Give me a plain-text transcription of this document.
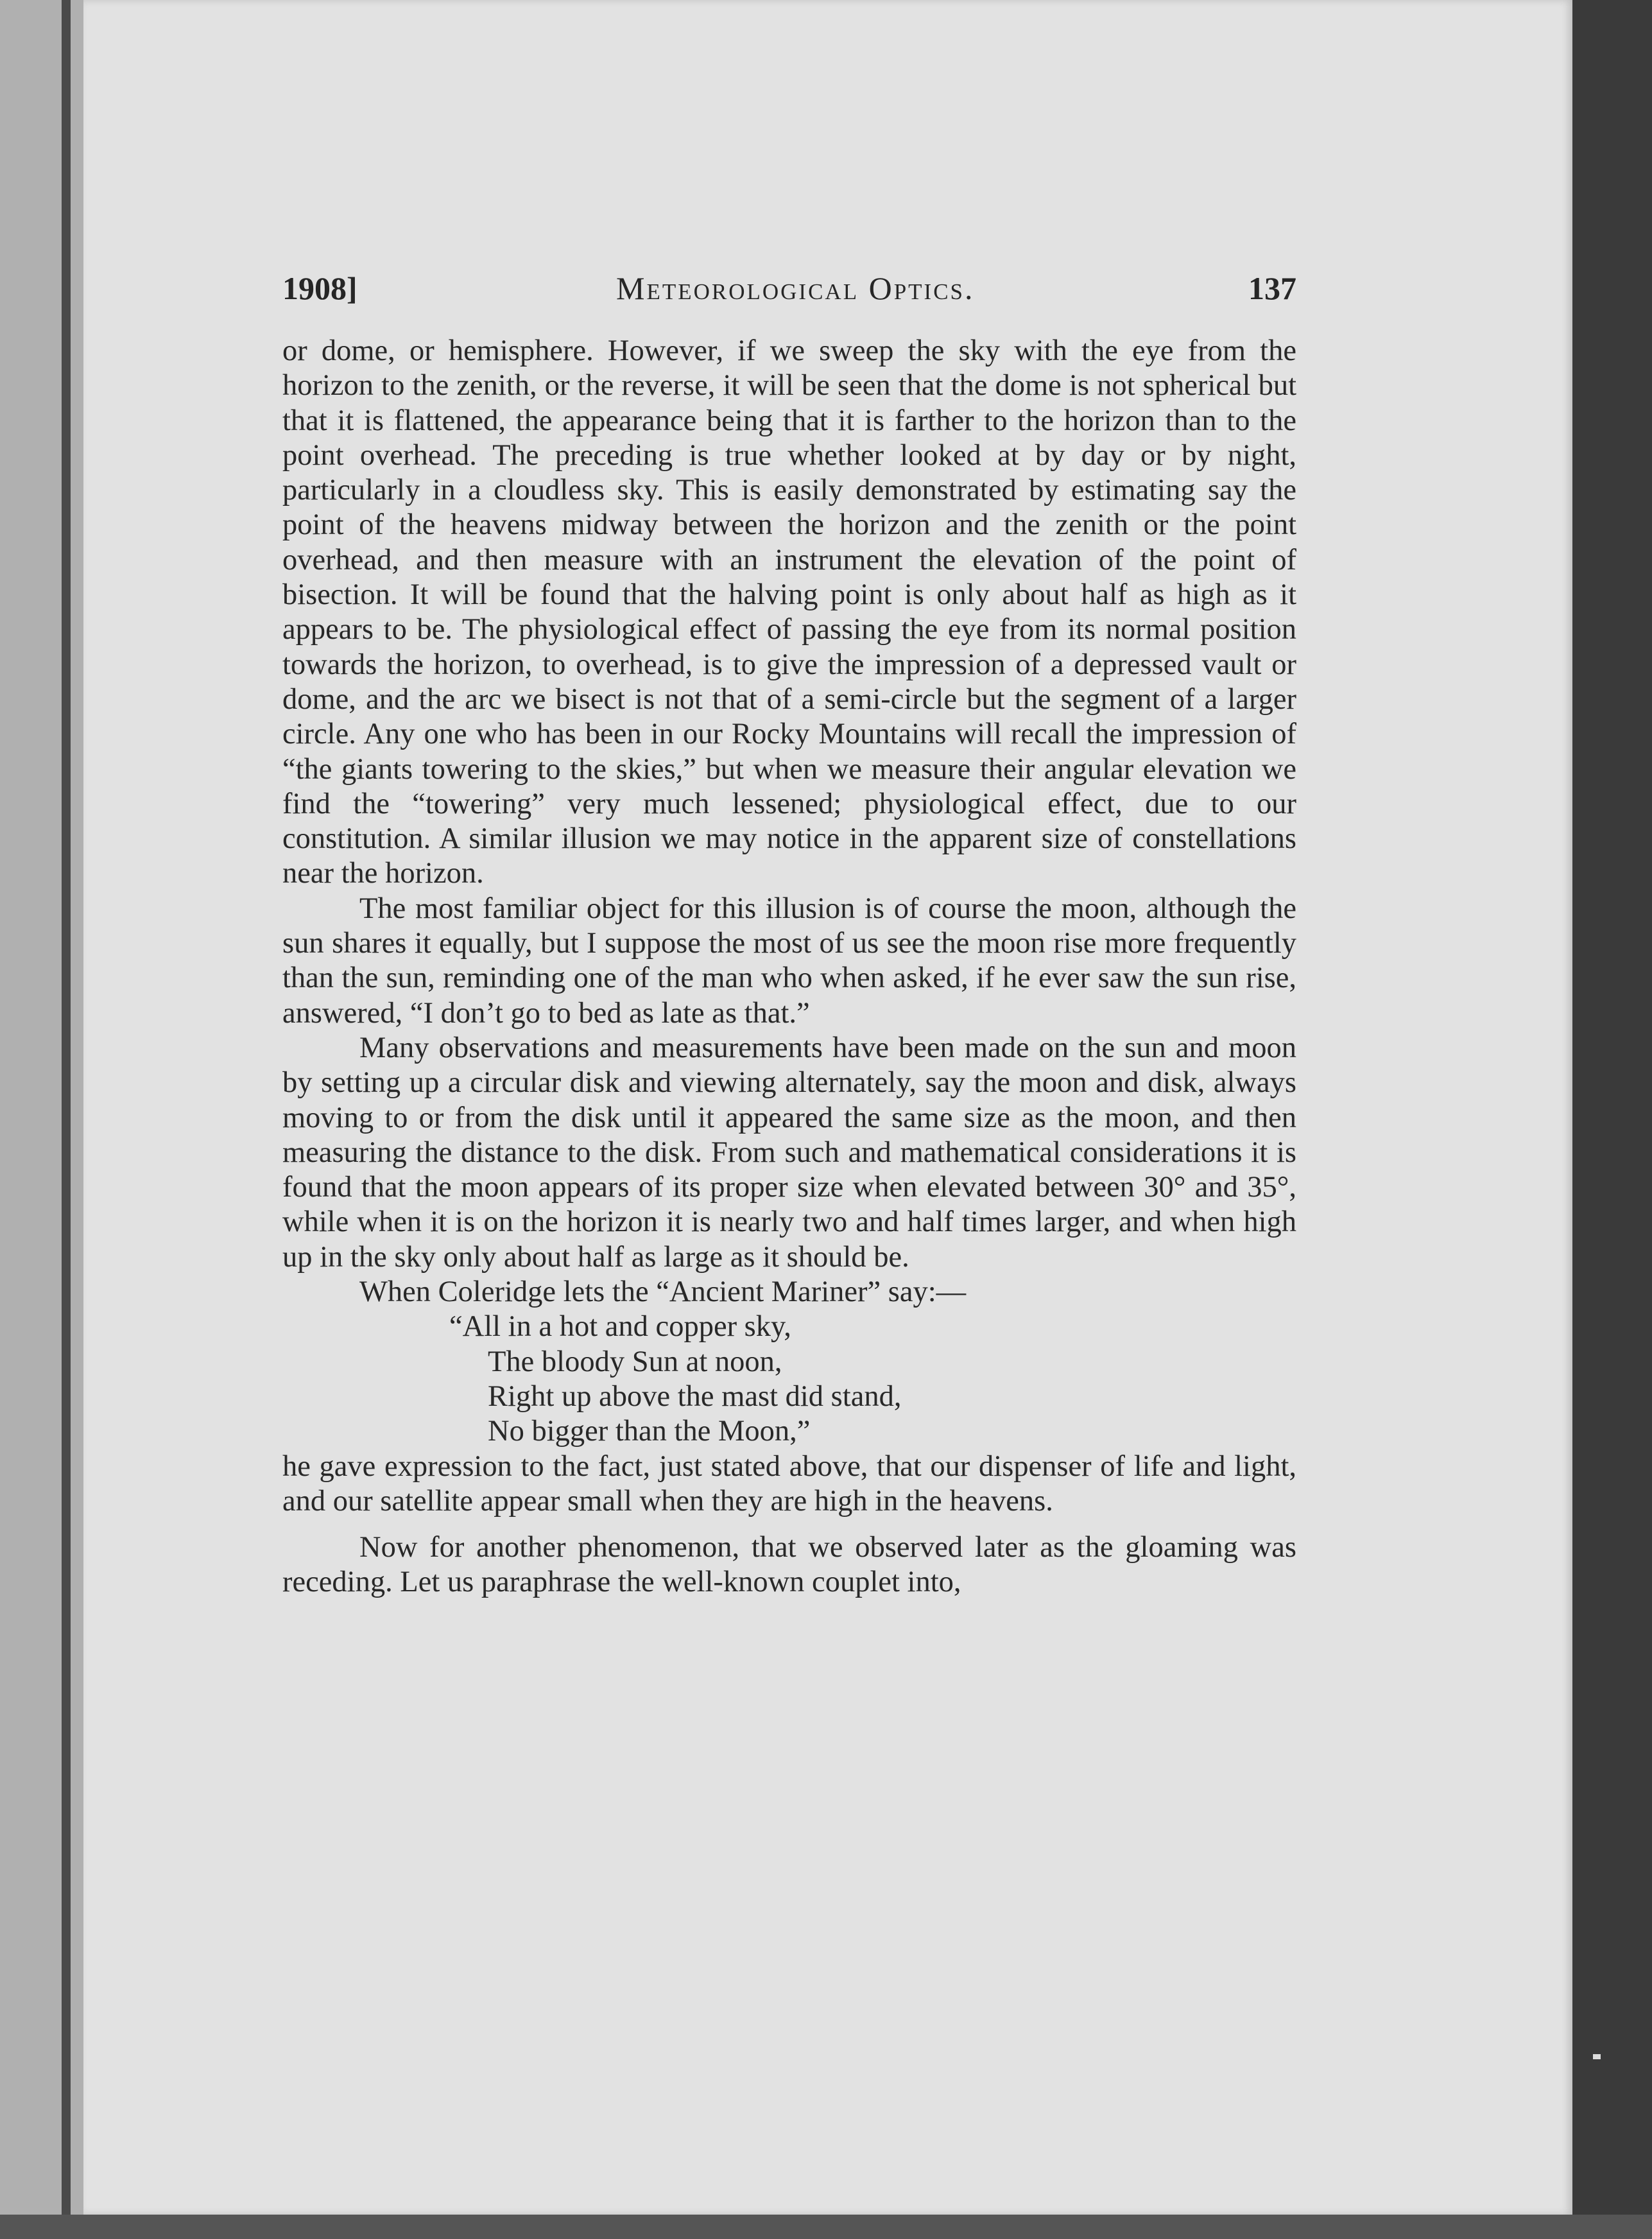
1908]	Meteorological Optics.	137

or dome, or hemisphere. However, if we sweep the sky with the eye from the horizon to the zenith, or the reverse, it will be seen that the dome is not spherical but that it is flattened, the appearance being that it is farther to the horizon than to the point overhead. The preceding is true whether looked at by day or by night, particularly in a cloudless sky. This is easily demonstrated by estimating say the point of the heavens midway between the horizon and the zenith or the point overhead, and then measure with an instrument the elevation of the point of bisection. It will be found that the halving point is only about half as high as it appears to be. The physiological effect of passing the eye from its normal position towards the horizon, to overhead, is to give the impression of a depressed vault or dome, and the arc we bisect is not that of a semi-circle but the segment of a larger circle. Any one who has been in our Rocky Mountains will recall the impression of “the giants towering to the skies,” but when we measure their angular elevation we find the “towering” very much lessened; physiological effect, due to our constitution. A similar illusion we may notice in the apparent size of constellations near the horizon.

The most familiar object for this illusion is of course the moon, although the sun shares it equally, but I suppose the most of us see the moon rise more frequently than the sun, reminding one of the man who when asked, if he ever saw the sun rise, answered, “I don’t go to bed as late as that.”

Many observations and measurements have been made on the sun and moon by setting up a circular disk and viewing alternately, say the moon and disk, always moving to or from the disk until it appeared the same size as the moon, and then measuring the distance to the disk. From such and mathematical considerations it is found that the moon appears of its proper size when elevated between 30° and 35°, while when it is on the horizon it is nearly two and half times larger, and when high up in the sky only about half as large as it should be.

When Coleridge lets the “Ancient Mariner” say:—

“All in a hot and copper sky,
The bloody Sun at noon,
Right up above the mast did stand,
No bigger than the Moon,”

he gave expression to the fact, just stated above, that our dispenser of life and light, and our satellite appear small when they are high in the heavens.

Now for another phenomenon, that we observed later as the gloaming was receding. Let us paraphrase the well-known couplet into,
